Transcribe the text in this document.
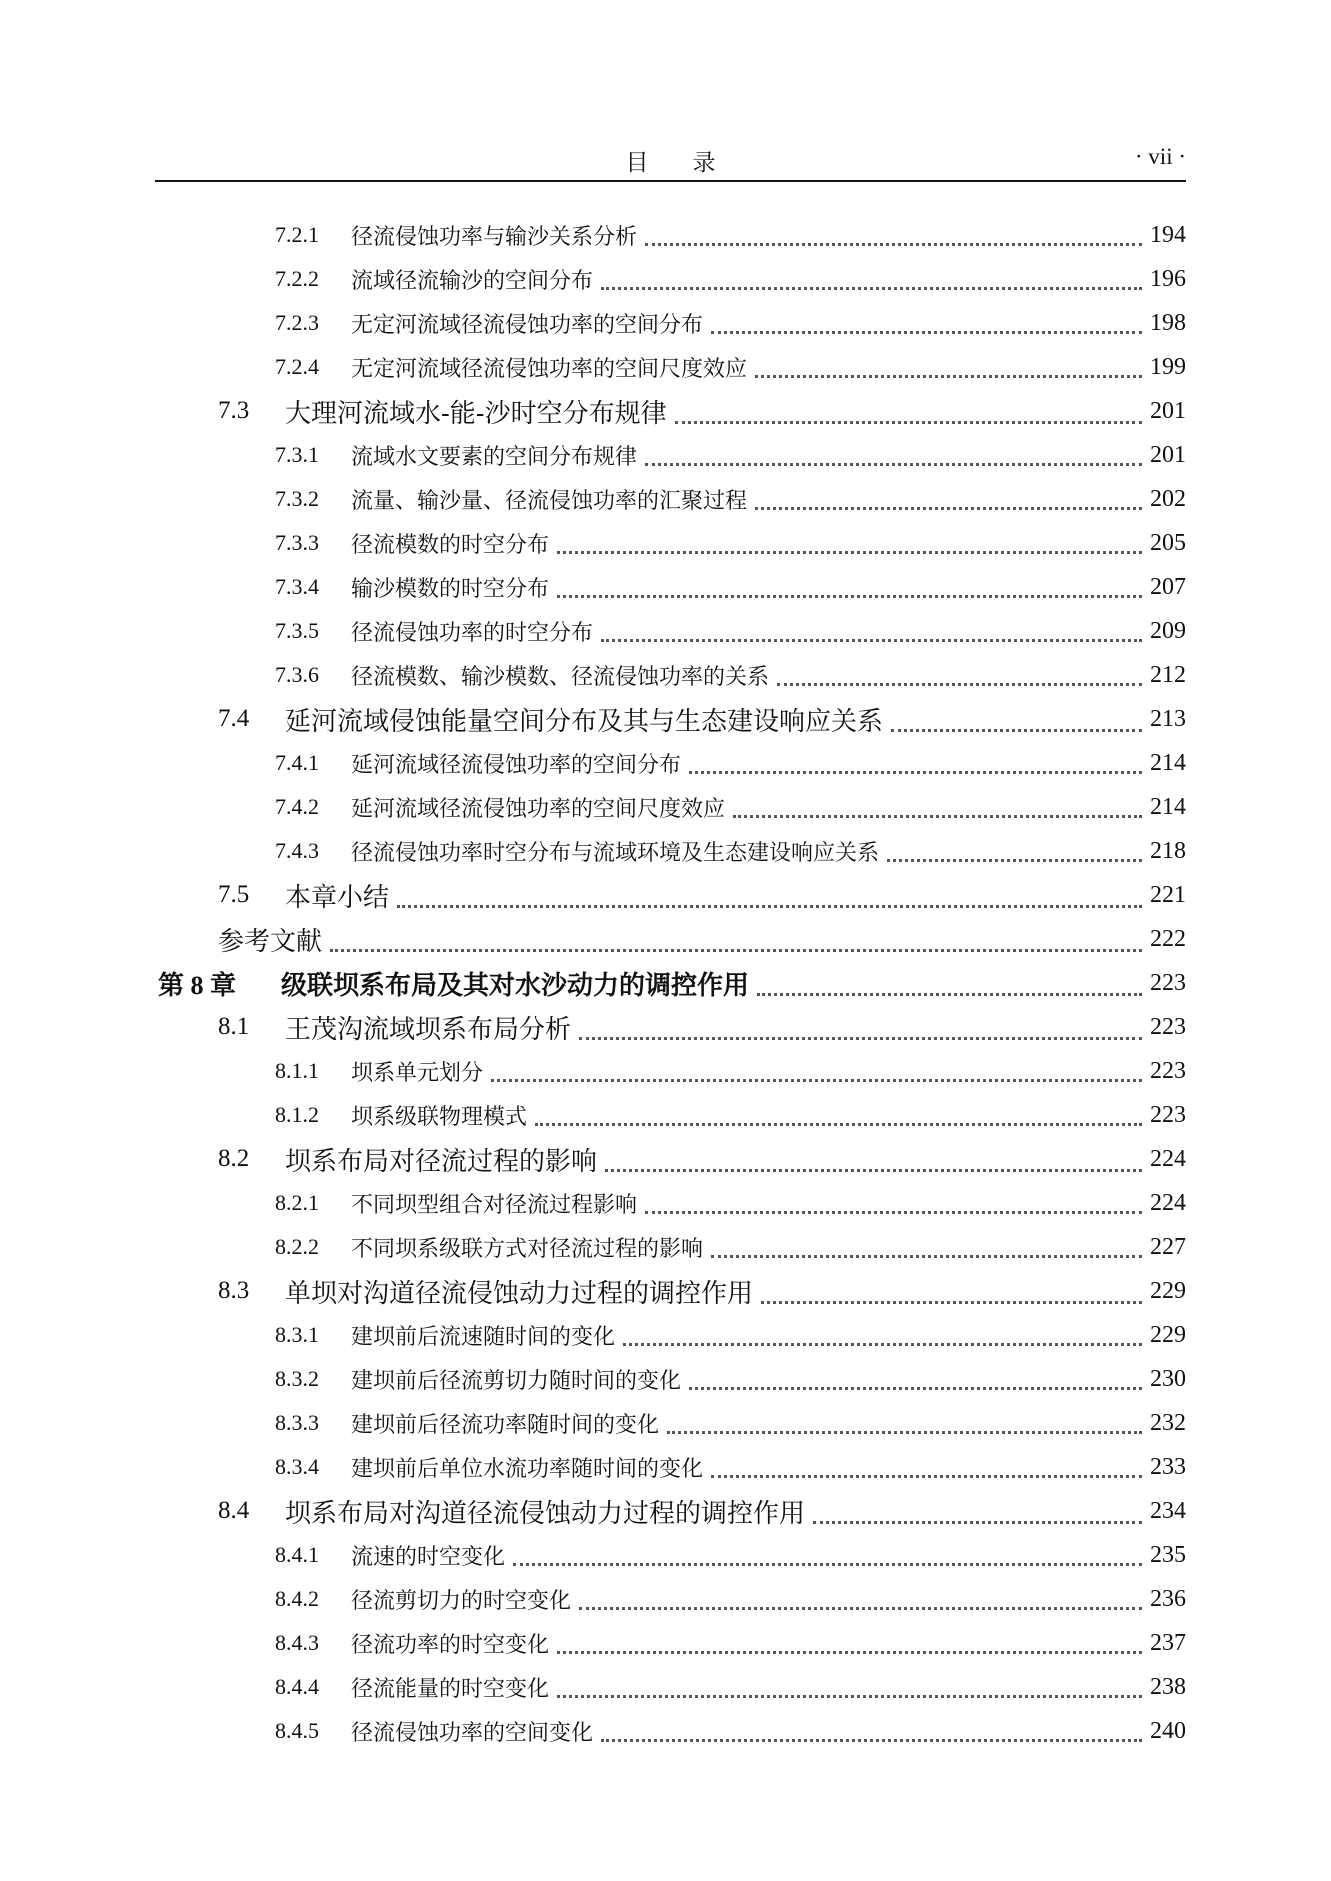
目录	· vii ·
7.2.1	径流侵蚀功率与输沙关系分析	194
7.2.2	流域径流输沙的空间分布	196
7.2.3	无定河流域径流侵蚀功率的空间分布	198
7.2.4	无定河流域径流侵蚀功率的空间尺度效应	199
7.3	大理河流域水-能-沙时空分布规律	201
7.3.1	流域水文要素的空间分布规律	201
7.3.2	流量、输沙量、径流侵蚀功率的汇聚过程	202
7.3.3	径流模数的时空分布	205
7.3.4	输沙模数的时空分布	207
7.3.5	径流侵蚀功率的时空分布	209
7.3.6	径流模数、输沙模数、径流侵蚀功率的关系	212
7.4	延河流域侵蚀能量空间分布及其与生态建设响应关系	213
7.4.1	延河流域径流侵蚀功率的空间分布	214
7.4.2	延河流域径流侵蚀功率的空间尺度效应	214
7.4.3	径流侵蚀功率时空分布与流域环境及生态建设响应关系	218
7.5	本章小结	221
参考文献	222
第 8 章	级联坝系布局及其对水沙动力的调控作用	223
8.1	王茂沟流域坝系布局分析	223
8.1.1	坝系单元划分	223
8.1.2	坝系级联物理模式	223
8.2	坝系布局对径流过程的影响	224
8.2.1	不同坝型组合对径流过程影响	224
8.2.2	不同坝系级联方式对径流过程的影响	227
8.3	单坝对沟道径流侵蚀动力过程的调控作用	229
8.3.1	建坝前后流速随时间的变化	229
8.3.2	建坝前后径流剪切力随时间的变化	230
8.3.3	建坝前后径流功率随时间的变化	232
8.3.4	建坝前后单位水流功率随时间的变化	233
8.4	坝系布局对沟道径流侵蚀动力过程的调控作用	234
8.4.1	流速的时空变化	235
8.4.2	径流剪切力的时空变化	236
8.4.3	径流功率的时空变化	237
8.4.4	径流能量的时空变化	238
8.4.5	径流侵蚀功率的空间变化	240
